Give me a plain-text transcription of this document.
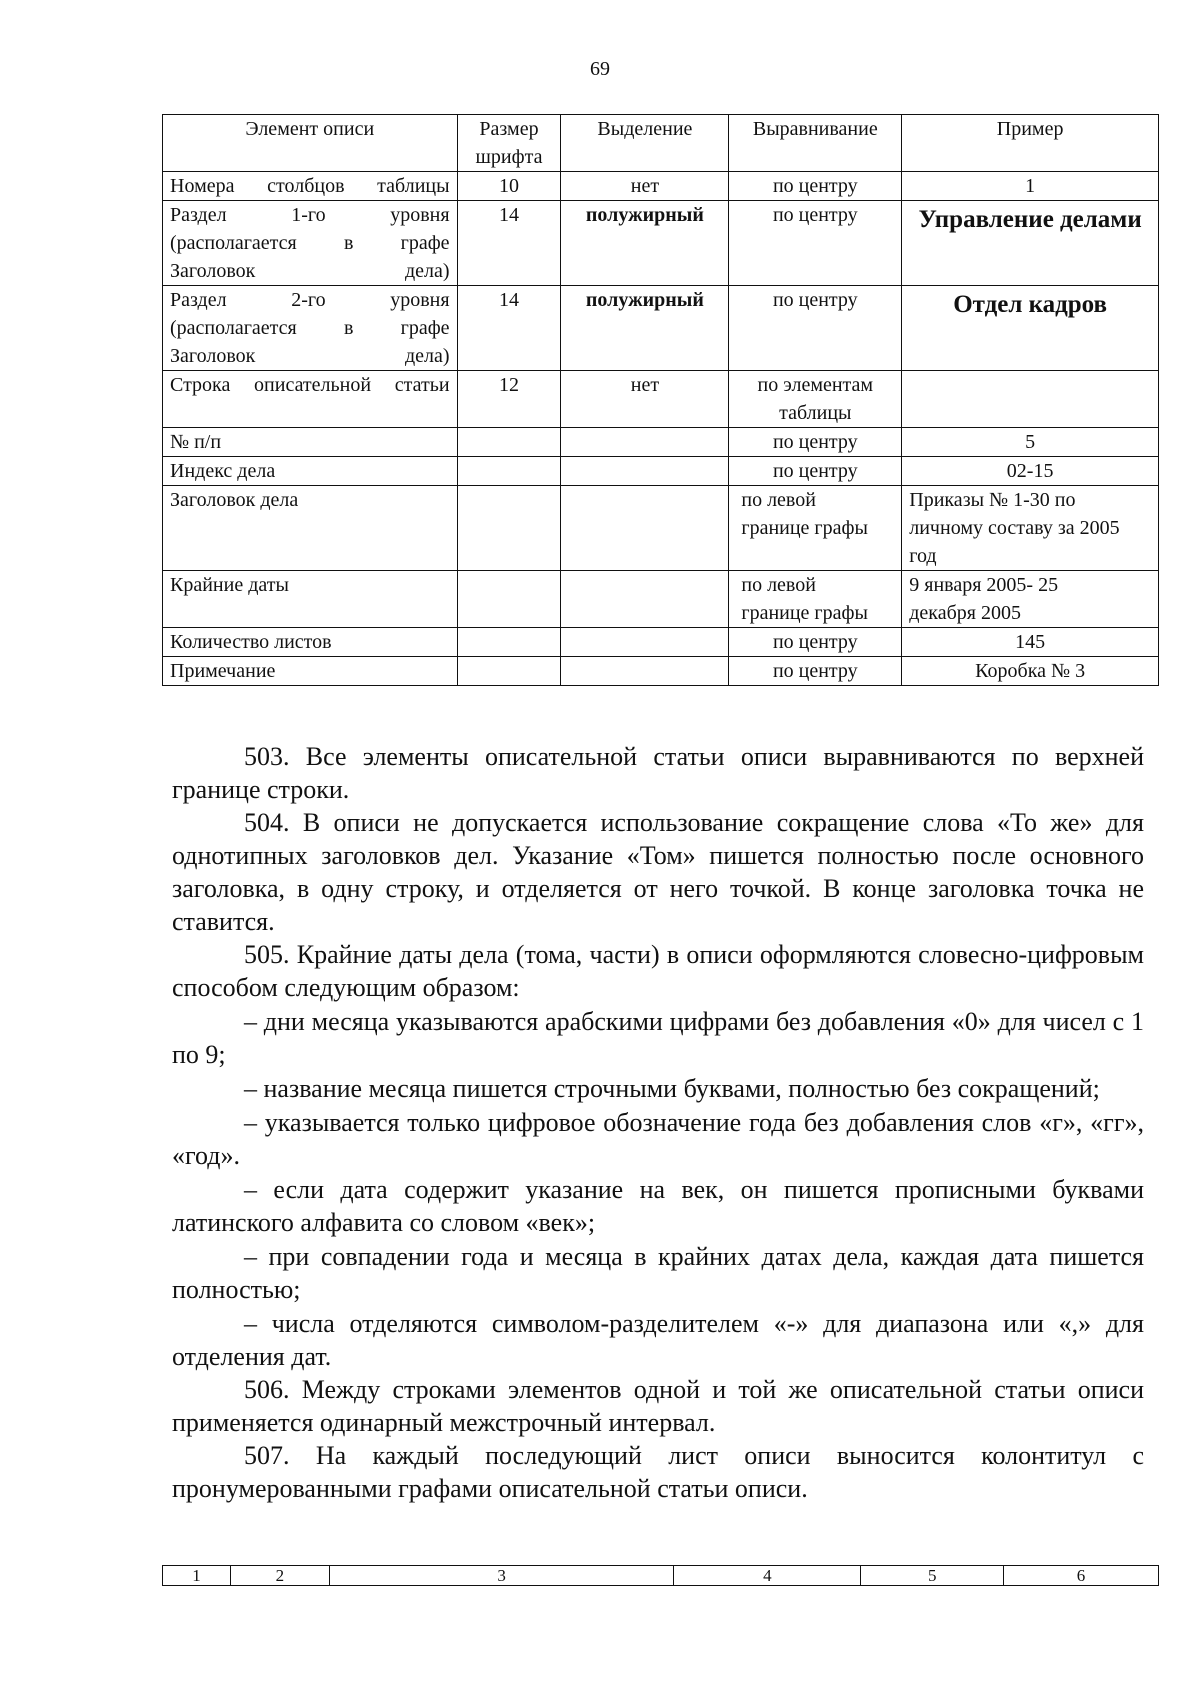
69
Элемент описи	Размер шрифта	Выделение	Выравнивание	Пример
Номера столбцов таблицы	10	нет	по центру	1
Раздел 1-го уровня (располагается в графе Заголовок дела)	14	полужирный	по центру	Управление делами
Раздел 2-го уровня (располагается в графе Заголовок дела)	14	полужирный	по центру	Отдел кадров
Строка описательной статьи	12	нет	по элементам таблицы	
№ п/п			по центру	5
Индекс дела			по центру	02-15
Заголовок дела			по левой границе графы	Приказы № 1-30 по личному составу за 2005 год
Крайние даты			по левой границе графы	9 января 2005- 25 декабря 2005
Количество листов			по центру	145
Примечание			по центру	Коробка № 3

503. Все элементы описательной статьи описи выравниваются по верхней границе строки.

504. В описи не допускается использование сокращение слова «То же» для однотипных заголовков дел. Указание «Том» пишется полностью после основного заголовка, в одну строку, и отделяется от него точкой. В конце заголовка точка не ставится.

505. Крайние даты дела (тома, части) в описи оформляются словесно-цифровым способом следующим образом:

– дни месяца указываются арабскими цифрами без добавления «0» для чисел с 1 по 9;

– название месяца пишется строчными буквами, полностью без сокращений;

– указывается только цифровое обозначение года без добавления слов «г», «гг», «год».

– если дата содержит указание на век, он пишется прописными буквами латинского алфавита со словом «век»;

– при совпадении года и месяца в крайних датах дела, каждая дата пишется полностью;

– числа отделяются символом-разделителем «-» для диапазона или «,» для отделения дат.

506. Между строками элементов одной и той же описательной статьи описи применяется одинарный межстрочный интервал.

507. На каждый последующий лист описи выносится колонтитул с пронумерованными графами описательной статьи описи.

1	2	3	4	5	6
